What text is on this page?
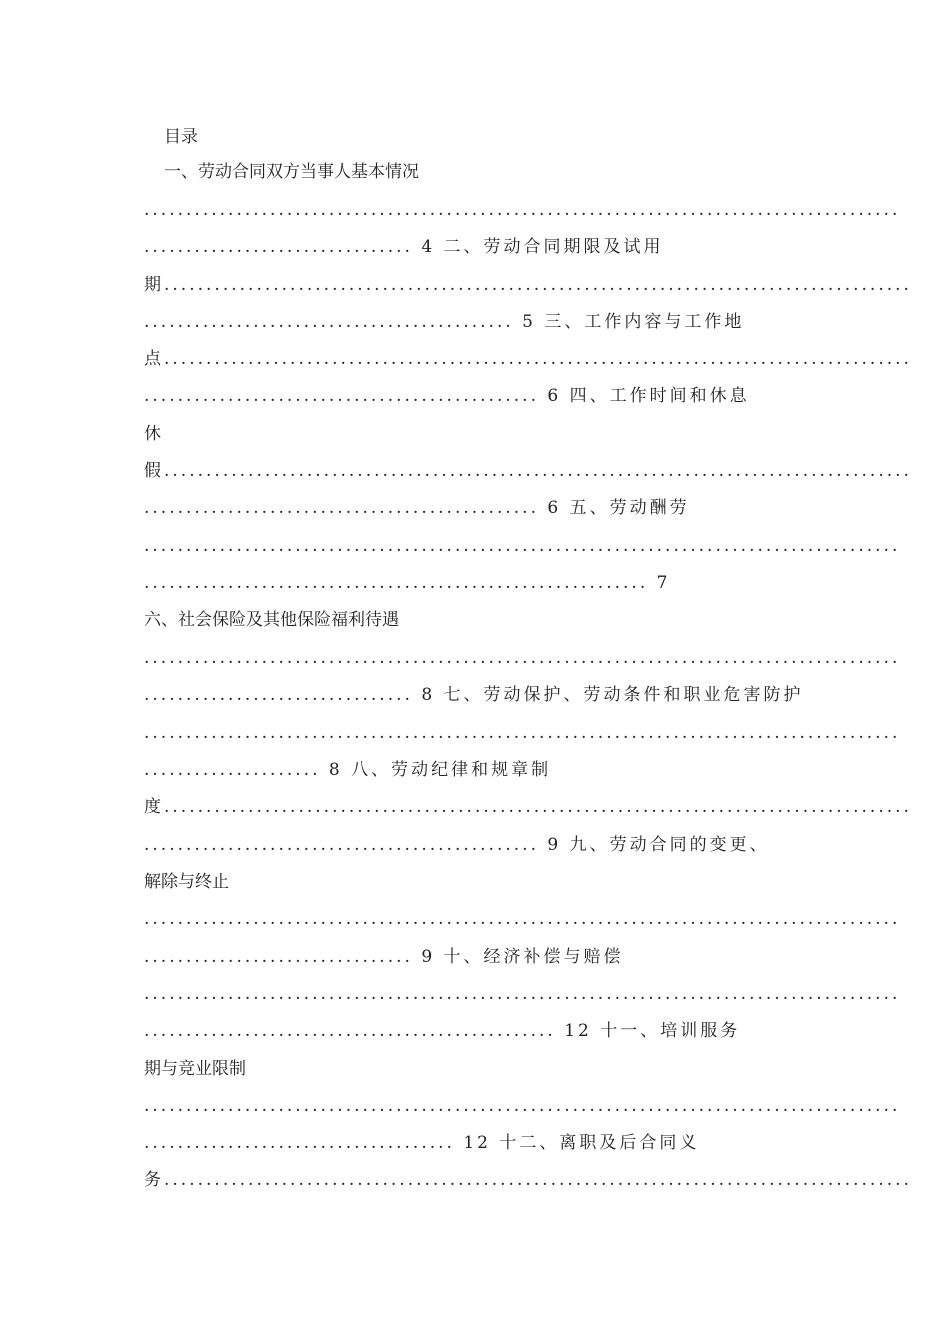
目录
一、劳动合同双方当事人基本情况
..........................................................................................
................................ 4 二、劳动合同期限及试用
期.........................................................................................
............................................ 5 三、工作内容与工作地
点.........................................................................................
............................................... 6 四、工作时间和休息
休
假.........................................................................................
............................................... 6 五、劳动酬劳
..........................................................................................
............................................................ 7
六、社会保险及其他保险福利待遇
..........................................................................................
................................ 8 七、劳动保护、劳动条件和职业危害防护
..........................................................................................
..................... 8 八、劳动纪律和规章制
度.........................................................................................
............................................... 9 九、劳动合同的变更、
解除与终止
..........................................................................................
................................ 9 十、经济补偿与赔偿
..........................................................................................
................................................. 12 十一、培训服务
期与竞业限制
..........................................................................................
..................................... 12 十二、离职及后合同义
务.........................................................................................
